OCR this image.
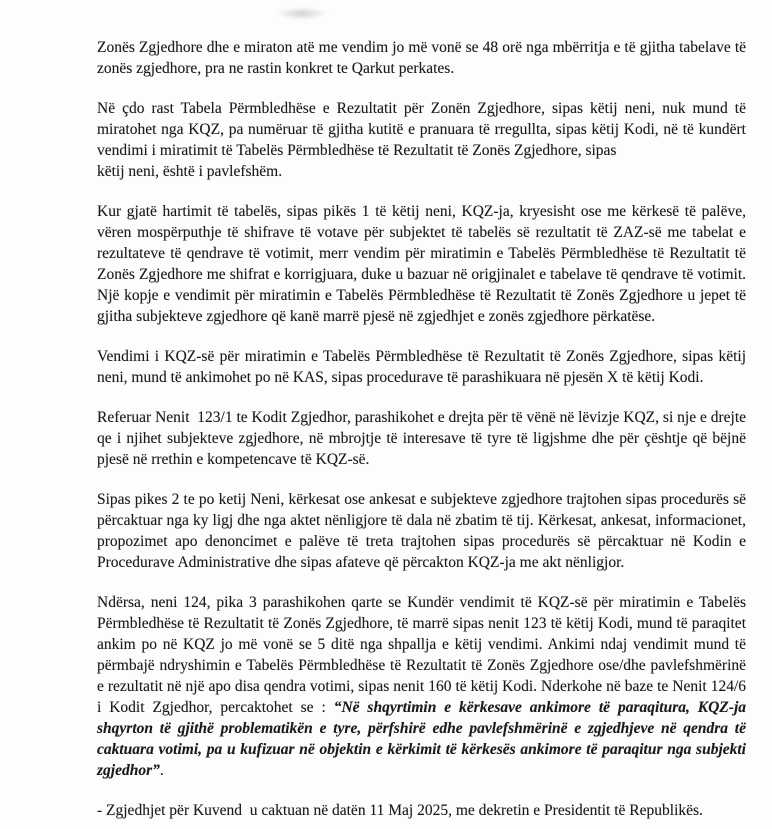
Zonës Zgjedhore dhe e miraton atë me vendim jo më vonë se 48 orë nga mbërritja e të gjitha tabelave të zonës zgjedhore, pra ne rastin konkret te Qarkut perkates.

Në çdo rast Tabela Përmbledhëse e Rezultatit për Zonën Zgjedhore, sipas këtij neni, nuk mund të miratohet nga KQZ, pa numëruar të gjitha kutitë e pranuara të rregullta, sipas këtij Kodi, në të kundërt vendimi i miratimit të Tabelës Përmbledhëse të Rezultatit të Zonës Zgjedhore, sipas
këtij neni, është i pavlefshëm.

Kur gjatë hartimit të tabelës, sipas pikës 1 të këtij neni, KQZ-ja, kryesisht ose me kërkesë të palëve, vëren mospërputhje të shifrave të votave për subjektet të tabelës së rezultatit të ZAZ-së me tabelat e rezultateve të qendrave të votimit, merr vendim për miratimin e Tabelës Përmbledhëse të Rezultatit të Zonës Zgjedhore me shifrat e korrigjuara, duke u bazuar në origjinalet e tabelave të qendrave të votimit. Një kopje e vendimit për miratimin e Tabelës Përmbledhëse të Rezultatit të Zonës Zgjedhore u jepet të gjitha subjekteve zgjedhore që kanë marrë pjesë në zgjedhjet e zonës zgjedhore përkatëse.

Vendimi i KQZ-së për miratimin e Tabelës Përmbledhëse të Rezultatit të Zonës Zgjedhore, sipas këtij neni, mund të ankimohet po në KAS, sipas procedurave të parashikuara në pjesën X të këtij Kodi.

Referuar Nenit  123/1 te Kodit Zgjedhor, parashikohet e drejta për të vënë në lëvizje KQZ, si nje e drejte qe i njihet subjekteve zgjedhore, në mbrojtje të interesave të tyre të ligjshme dhe për çështje që bëjnë pjesë në rrethin e kompetencave të KQZ-së.

Sipas pikes 2 te po ketij Neni, kërkesat ose ankesat e subjekteve zgjedhore trajtohen sipas procedurës së përcaktuar nga ky ligj dhe nga aktet nënligjore të dala në zbatim të tij. Kërkesat, ankesat, informacionet, propozimet apo denoncimet e palëve të treta trajtohen sipas procedurës së përcaktuar në Kodin e Procedurave Administrative dhe sipas afateve që përcakton KQZ-ja me akt nënligjor.

Ndërsa, neni 124, pika 3 parashikohen qarte se Kundër vendimit të KQZ-së për miratimin e Tabelës Përmbledhëse të Rezultatit të Zonës Zgjedhore, të marrë sipas nenit 123 të këtij Kodi, mund të paraqitet ankim po në KQZ jo më vonë se 5 ditë nga shpallja e këtij vendimi. Ankimi ndaj vendimit mund të përmbajë ndryshimin e Tabelës Përmbledhëse të Rezultatit të Zonës Zgjedhore ose/dhe pavlefshmërinë e rezultatit në një apo disa qendra votimi, sipas nenit 160 të këtij Kodi. Nderkohe në baze te Nenit 124/6 i Kodit Zgjedhor, percaktohet se : “Në shqyrtimin e kërkesave ankimore të paraqitura, KQZ-ja shqyrton të gjithë problematikën e tyre, përfshirë edhe pavlefshmërinë e zgjedhjeve në qendra të caktuara votimi, pa u kufizuar në objektin e kërkimit të kërkesës ankimore të paraqitur nga subjekti zgjedhor”.

- Zgjedhjet për Kuvend  u caktuan në datën 11 Maj 2025, me dekretin e Presidentit të Republikës.
